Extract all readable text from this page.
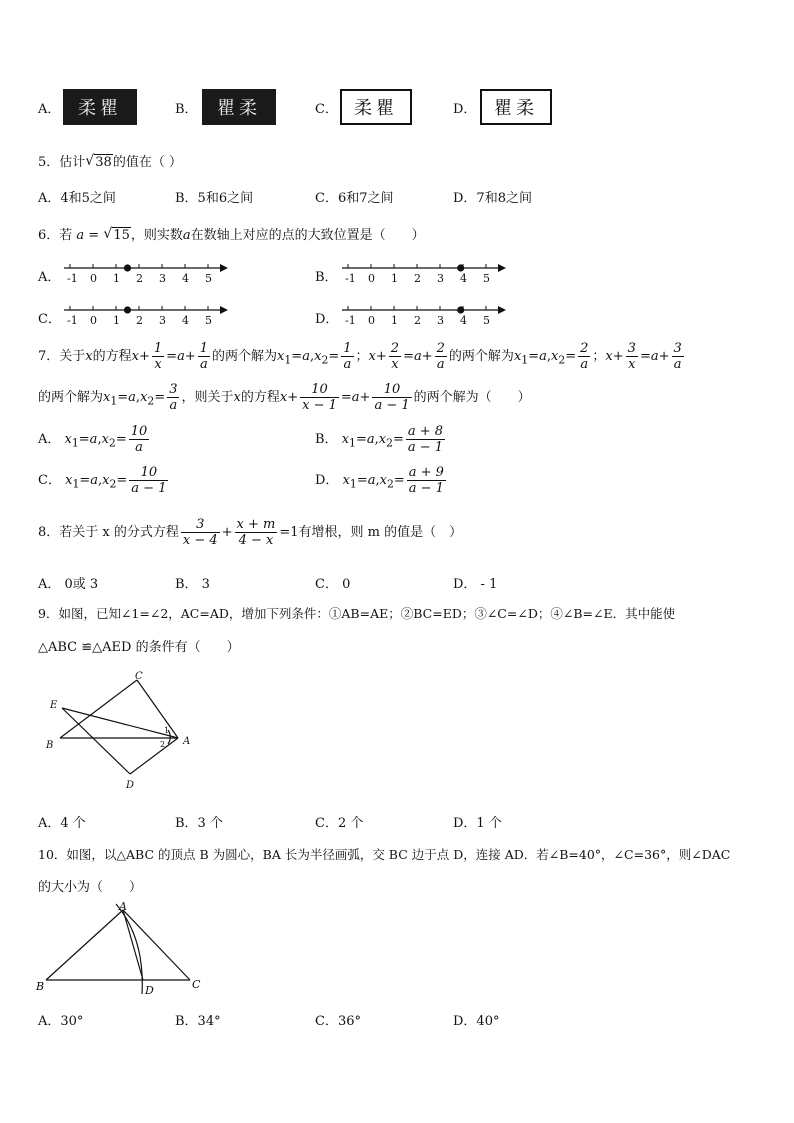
A． 柔瞿	B．	瞿柔	C． 柔瞿	D． 瞿柔
5．估计√ 38的值在（ ）
A．4和5之间	B．5和6之间	C．6和7之间	D．7和8之间
6．若 a = √ 15，则实数a在数轴上对应的点的大致位置是（　　）
A． -1 0 1 2 3 4 5	B． -1 0 1 2 3 4 5
C． -1 0 1 2 3 4 5	D． -1 0 1 2 3 4 5
7．关于x的方程$x+ \frac{1}{x} =a+ \frac{1}{a}$ 的两个解为$x_1=a,x_2= \frac{1}{a}$ ；$x+ \frac{2}{x} =a+ \frac{2}{a}$ 的两个解为$x_1=a,x_2= \frac{2}{a}$ ；$x+ \frac{3}{x} =a+ \frac{3}{a}$
的两个解为$x_1=a,x_2= \frac{3}{a}$ ，则关于x的方程$x+ \frac{10}{x - 1} =a+ \frac{10}{a - 1}$ 的两个解为（　　）
A． $x_1=a,x_2= \frac{10}{a}$	B． $x_1=a,x_2= \frac{a + 8}{a - 1}$
C． $x_1=a,x_2= \frac{10}{a - 1}$	D． $x_1=a,x_2= \frac{a + 9}{a - 1}$
8．若关于 x 的分式方程 $\frac{3}{x - 4} + \frac{x + m}{4 - x} =1$有增根，则 m 的值是（　）
A． 0或 3	B． 3	C． 0	D． - 1
9．如图，已知∠1=∠2，AC=AD，增加下列条件：①AB=AE；②BC=ED；③∠C=∠D；④∠B=∠E．其中能使
△ABC ≌△AED 的条件有（　　）
C
E
B	A
D
1
2
A．4 个	B．3 个	C．2 个	D．1 个
10．如图，以△ABC 的顶点 B 为圆心，BA 长为半径画弧，交 BC 边于点 D，连接 AD．若∠B=40°，∠C=36°，则∠DAC
的大小为（　　）
A
B	D	C
A．30°	B．34°	C．36°	D．40°
